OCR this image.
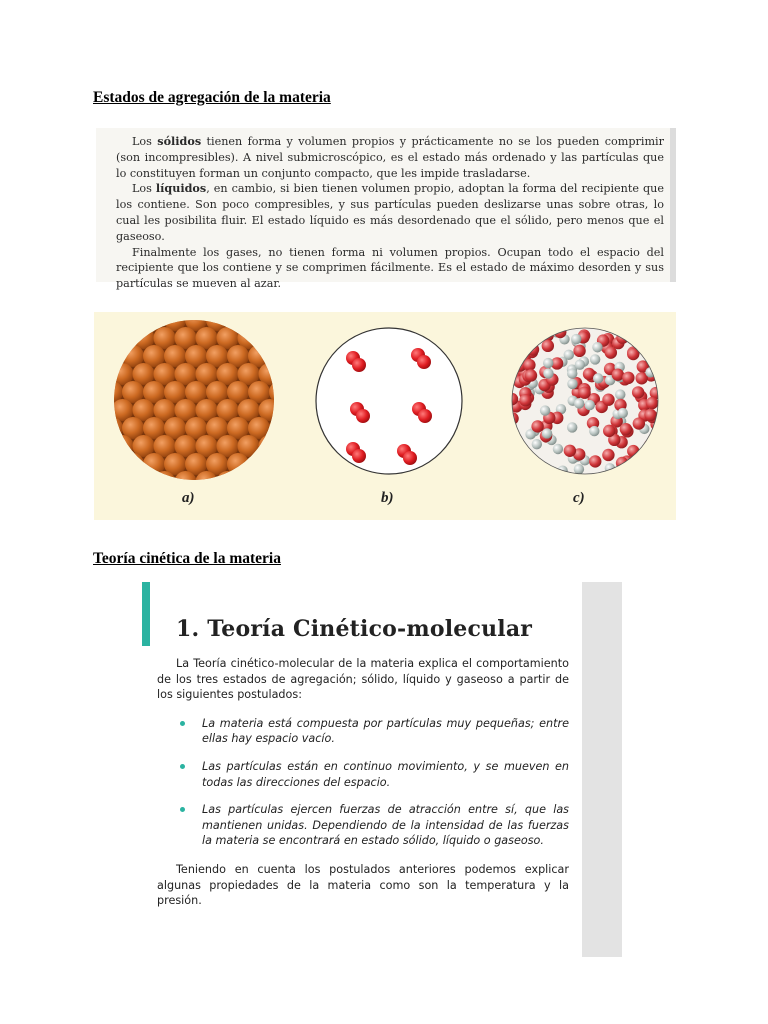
Estados de agregación de la materia

Los sólidos tienen forma y volumen propios y prácticamente no se los pueden comprimir (son incompresibles). A nivel submicroscópico, es el estado más ordenado y las partículas que lo constituyen forman un conjunto compacto, que les impide trasladarse.

Los líquidos, en cambio, si bien tienen volumen propio, adoptan la forma del recipiente que los contiene. Son poco compresibles, y sus partículas pueden deslizarse unas sobre otras, lo cual les posibilita fluir. El estado líquido es más desordenado que el sólido, pero menos que el gaseoso.

Finalmente los gases, no tienen forma ni volumen propios. Ocupan todo el espacio del recipiente que los contiene y se comprimen fácilmente. Es el estado de máximo desorden y sus partículas se mueven al azar.

a)	b)	c)
Teoría cinética de la materia
1. Teoría Cinético-molecular

La Teoría cinético-molecular de la materia explica el comportamiento de los tres estados de agregación; sólido, líquido y gaseoso a partir de los siguientes postulados:

La materia está compuesta por partículas muy pequeñas; entre ellas hay espacio vacío.
Las partículas están en continuo movimiento, y se mueven en todas las direcciones del espacio.
Las partículas ejercen fuerzas de atracción entre sí, que las mantienen unidas. Dependiendo de la intensidad de las fuerzas la materia se encontrará en estado sólido, líquido o gaseoso.

Teniendo en cuenta los postulados anteriores podemos explicar algunas propiedades de la materia como son la temperatura y la presión.
